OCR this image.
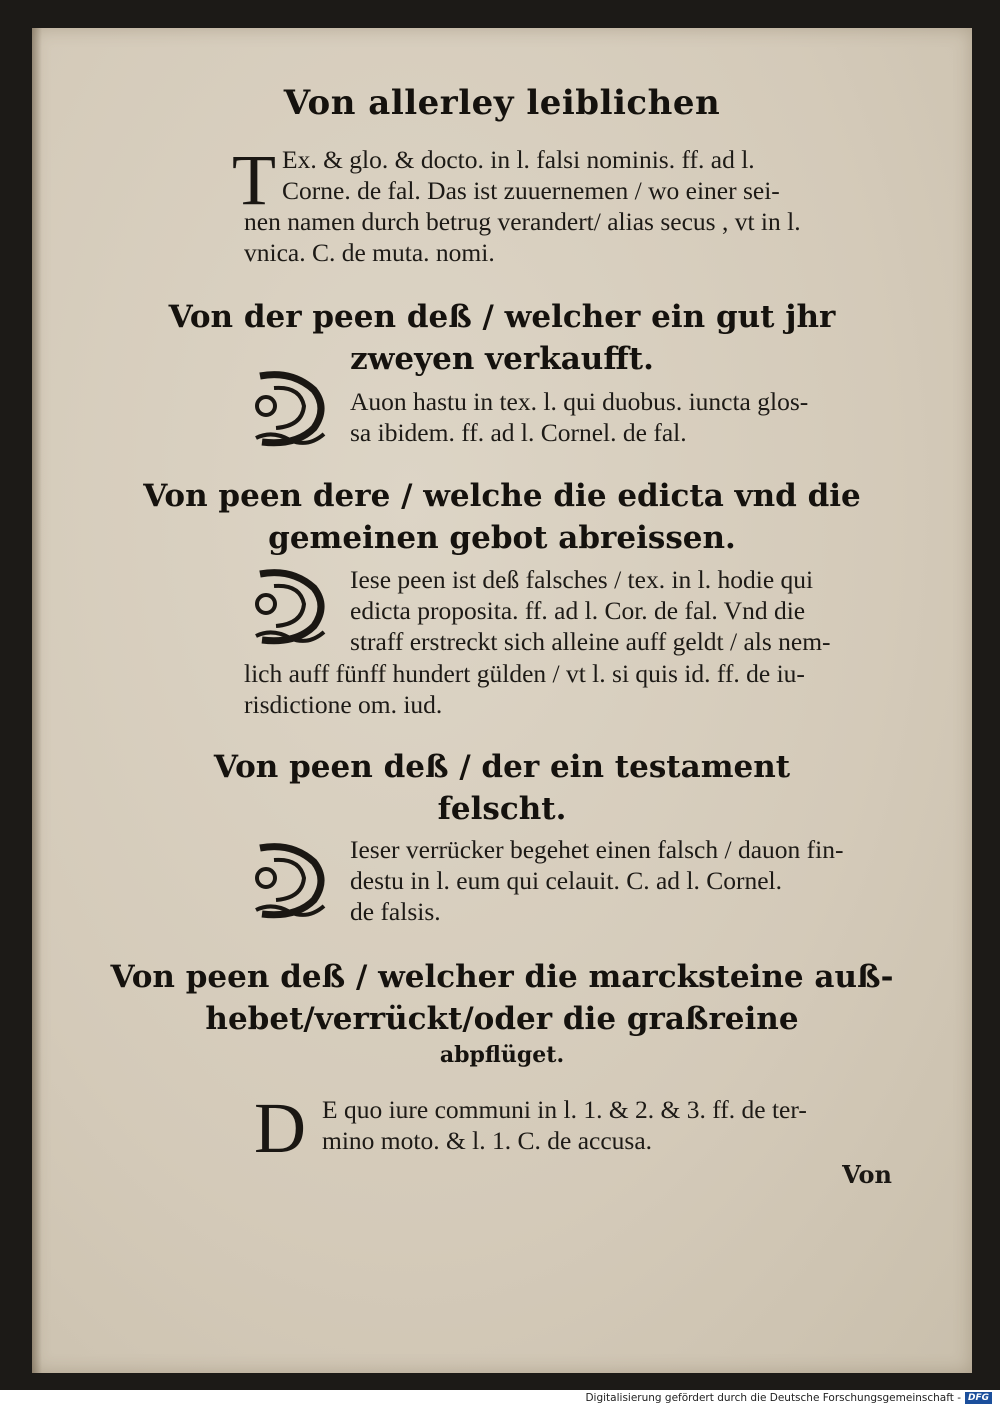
Von allerley leiblichen
T Ex. & glo. & docto. in l. falsi nominis. ff. ad l.
Corne. de fal. Das ist zuuernemen / wo einer sei-
nen namen durch betrug verandert/ alias secus , vt in l.
vnica. C. de muta. nomi.
Von der peen deß / welcher ein gut jhr
zweyen verkaufft.
Auon hastu in tex. l. qui duobus. iuncta glos-
sa ibidem. ff. ad l. Cornel. de fal.
Von peen dere / welche die edicta vnd die
gemeinen gebot abreissen.
Iese peen ist deß falsches / tex. in l. hodie qui
edicta proposita. ff. ad l. Cor. de fal. Vnd die
straff erstreckt sich alleine auff geldt / als nem-
lich auff fünff hundert gülden / vt l. si quis id. ff. de iu-
risdictione om. iud.
Von peen deß / der ein testament
felscht.
Ieser verrücker begehet einen falsch / dauon fin-
destu in l. eum qui celauit. C. ad l. Cornel.
de falsis.
Von peen deß / welcher die marcksteine auß-
hebet/verrückt/oder die graßreine
abpflüget.
D E quo iure communi in l. 1. & 2. & 3. ff. de ter-
mino moto. & l. 1. C. de accusa.
Von
Digitalisierung gefördert durch die Deutsche Forschungsgemeinschaft - DFG
